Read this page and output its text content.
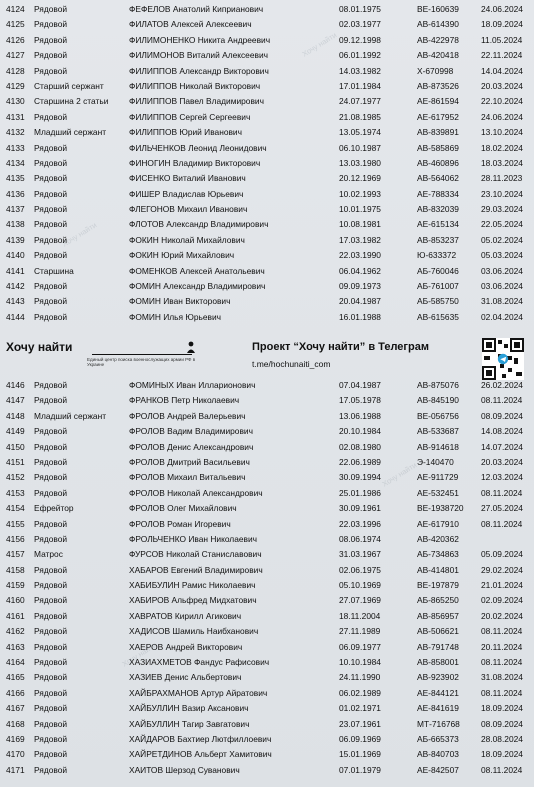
4124	Рядовой	ФЕФЕЛОВ Анатолий Киприанович	08.01.1975	ВЕ-160639	24.06.2024
4125	Рядовой	ФИЛАТОВ Алексей Алексеевич	02.03.1977	АВ-614390	18.09.2024
4126	Рядовой	ФИЛИМОНЕНКО Никита Андреевич	09.12.1998	АВ-422978	11.05.2024
4127	Рядовой	ФИЛИМОНОВ Виталий Алексеевич	06.01.1992	АВ-420418	22.11.2024
4128	Рядовой	ФИЛИППОВ Александр Викторович	14.03.1982	Х-670998	14.04.2024
4129	Старший сержант	ФИЛИППОВ Николай Викторович	17.01.1984	АВ-873526	20.03.2024
4130	Старшина 2 статьи ФИЛИППОВ Павел Владимирович	24.07.1977	АЕ-861594	22.10.2024
4131	Рядовой	ФИЛИППОВ Сергей Сергеевич	21.08.1985	АЕ-617952	24.06.2024
4132	Младший сержант	ФИЛИППОВ Юрий Иванович	13.05.1974	АВ-839891	13.10.2024
4133	Рядовой	ФИЛЬЧЕНКОВ Леонид Леонидович	06.10.1987	АВ-585869	18.02.2024
4134	Рядовой	ФИНОГИН Владимир Викторович	13.03.1980	АВ-460896	18.03.2024
4135	Рядовой	ФИСЕНКО Виталий Иванович	20.12.1969	АВ-564062	28.11.2023
4136	Рядовой	ФИШЕР Владислав Юрьевич	10.02.1993	АЕ-788334	23.10.2024
4137	Рядовой	ФЛЕГОНОВ Михаил Иванович	10.01.1975	АВ-832039	29.03.2024
4138	Рядовой	ФЛОТОВ Александр Владимирович	10.08.1981	АЕ-615134	22.05.2024
4139	Рядовой	ФОКИН Николай Михайлович	17.03.1982	АВ-853237	05.02.2024
4140	Рядовой	ФОКИН Юрий Михайлович	22.03.1990	Ю-633372	05.03.2024
4141	Старшина	ФОМЕНКОВ Алексей Анатольевич	06.04.1962	АБ-760046	03.06.2024
4142	Рядовой	ФОМИН Александр Владимирович	09.09.1973	АБ-761007	03.06.2024
4143	Рядовой	ФОМИН Иван Викторович	20.04.1987	АБ-585750	31.08.2024
4144	Рядовой	ФОМИН Илья Юрьевич	16.01.1988	АВ-615635	02.04.2024
Хочу найти
Единый центр поиска военнослужащих армии РФ в Украине
Проект “Хочу найти” в Телеграм
t.me/hochunaiti_com
4146	Рядовой	ФОМИНЫХ Иван Илларионович	07.04.1987	АВ-875076	26.02.2024
4147	Рядовой	ФРАНКОВ Петр Николаевич	17.05.1978	АВ-845190	08.11.2024
4148	Младший сержант	ФРОЛОВ Андрей Валерьевич	13.06.1988	ВЕ-056756	08.09.2024
4149	Рядовой	ФРОЛОВ Вадим Владимирович	20.10.1984	АВ-533687	14.08.2024
4150	Рядовой	ФРОЛОВ Денис Александрович	02.08.1980	АВ-914618	14.07.2024
4151	Рядовой	ФРОЛОВ Дмитрий Васильевич	22.06.1989	Э-140470	20.03.2024
4152	Рядовой	ФРОЛОВ Михаил Витальевич	30.09.1994	АЕ-911729	12.03.2024
4153	Рядовой	ФРОЛОВ Николай Александрович	25.01.1986	АЕ-532451	08.11.2024
4154	Ефрейтор	ФРОЛОВ Олег Михайлович	30.09.1961	ВЕ-1938720 27.05.2024
4155	Рядовой	ФРОЛОВ Роман Игоревич	22.03.1996	АЕ-617910	08.11.2024
4156	Рядовой	ФРОЛЬЧЕНКО Иван Николаевич	08.06.1974	АВ-420362
4157	Матрос	ФУРСОВ Николай Станиславович	31.03.1967	АБ-734863	05.09.2024
4158	Рядовой	ХАБАРОВ Евгений Владимирович	02.06.1975	АВ-414801	29.02.2024
4159	Рядовой	ХАБИБУЛИН Рамис Николаевич	05.10.1969	ВЕ-197879	21.01.2024
4160	Рядовой	ХАБИРОВ Альфред Мидхатович	27.07.1969	АБ-865250	02.09.2024
4161	Рядовой	ХАВРАТОВ Кирилл Агикович	18.11.2004	АВ-856957	20.02.2024
4162	Рядовой	ХАДИСОВ Шамиль Наибханович	27.11.1989	АВ-506621	08.11.2024
4163	Рядовой	ХАЕРОВ Андрей Викторович	06.09.1977	АВ-791748	20.11.2024
4164	Рядовой	ХАЗИАХМЕТОВ Фандус Рафисович	10.10.1984	АВ-858001	08.11.2024
4165	Рядовой	ХАЗИЕВ Денис Альбертович	24.11.1990	АВ-923902	31.08.2024
4166	Рядовой	ХАЙБРАХМАНОВ Артур Айратович	06.02.1989	АЕ-844121	08.11.2024
4167	Рядовой	ХАЙБУЛЛИН Вазир Аксанович	01.02.1971	АЕ-841619	18.09.2024
4168	Рядовой	ХАЙБУЛЛИН Тагир Завгатович	23.07.1961	МТ-716768	08.09.2024
4169	Рядовой	ХАЙДАРОВ Бахтиер Лютфиллоевич	06.09.1969	АБ-665373	28.08.2024
4170	Рядовой	ХАЙРЕТДИНОВ Альберт Хамитович	15.01.1969	АВ-840703	18.09.2024
4171	Рядовой	ХАИТОВ Шерзод Суванович	07.01.1979	АЕ-842507	08.11.2024
Хочу найти
Хочу найти
Хочу найти
Хочу найти
